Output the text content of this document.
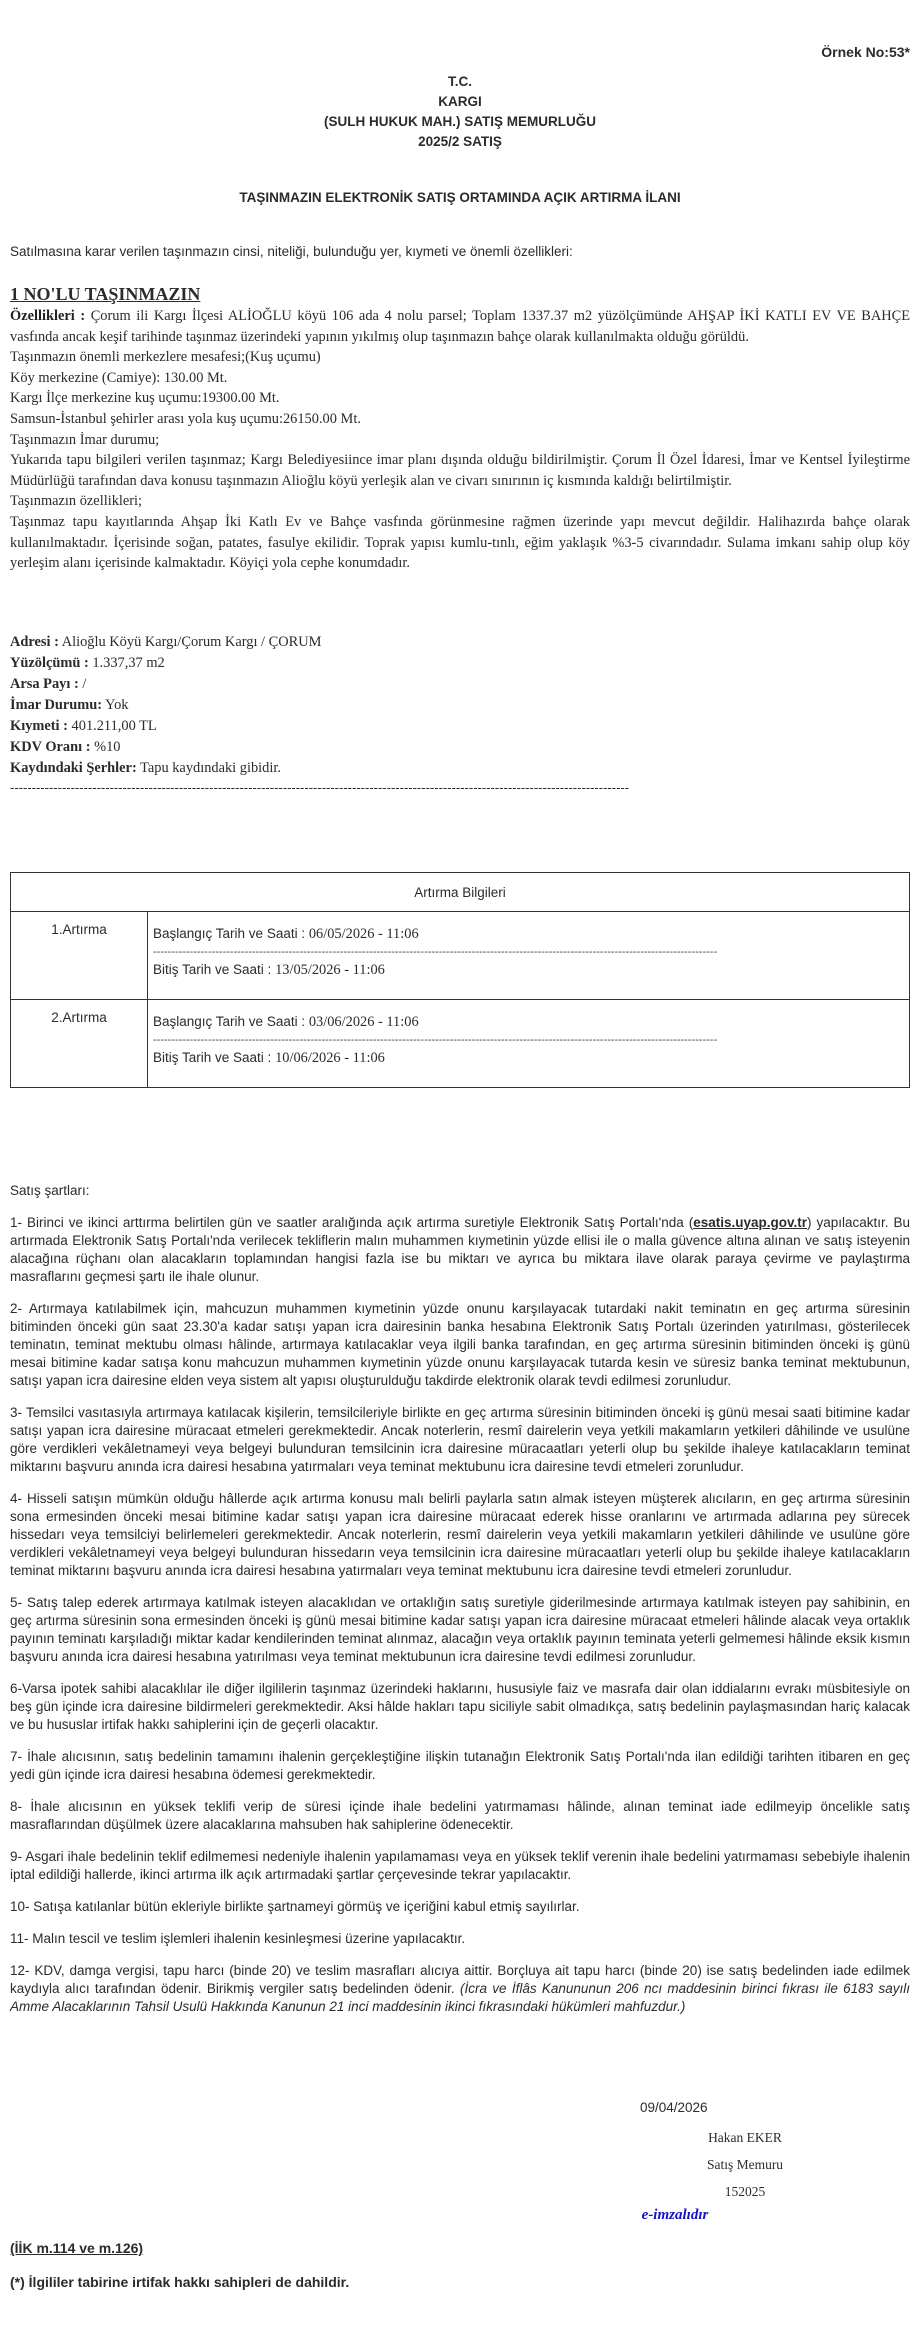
Örnek No:53*
T.C.
KARGI
(SULH HUKUK MAH.) SATIŞ MEMURLUĞU
2025/2 SATIŞ
TAŞINMAZIN ELEKTRONİK SATIŞ ORTAMINDA AÇIK ARTIRMA İLANI
Satılmasına karar verilen taşınmazın cinsi, niteliği, bulunduğu yer, kıymeti ve önemli özellikleri:
1 NO'LU TAŞINMAZIN

Özellikleri : Çorum ili Kargı İlçesi ALİOĞLU köyü 106 ada 4 nolu parsel; Toplam 1337.37 m2 yüzölçümünde AHŞAP İKİ KATLI EV VE BAHÇE vasfında ancak keşif tarihinde taşınmaz üzerindeki yapının yıkılmış olup taşınmazın bahçe olarak kullanılmakta olduğu görüldü.

Taşınmazın önemli merkezlere mesafesi;(Kuş uçumu)

Köy merkezine (Camiye): 130.00 Mt.

Kargı İlçe merkezine kuş uçumu:19300.00 Mt.

Samsun-İstanbul şehirler arası yola kuş uçumu:26150.00 Mt.

Taşınmazın İmar durumu;

Yukarıda tapu bilgileri verilen taşınmaz; Kargı Belediyesiince imar planı dışında olduğu bildirilmiştir. Çorum İl Özel İdaresi, İmar ve Kentsel İyileştirme Müdürlüğü tarafından dava konusu taşınmazın Alioğlu köyü yerleşik alan ve civarı sınırının iç kısmında kaldığı belirtilmiştir.

Taşınmazın özellikleri;

Taşınmaz tapu kayıtlarında Ahşap İki Katlı Ev ve Bahçe vasfında görünmesine rağmen üzerinde yapı mevcut değildir. Halihazırda bahçe olarak kullanılmaktadır. İçerisinde soğan, patates, fasulye ekilidir. Toprak yapısı kumlu-tınlı, eğim yaklaşık %3-5 civarındadır. Sulama imkanı sahip olup köy yerleşim alanı içerisinde kalmaktadır. Köyiçi yola cephe konumdadır.

Adresi : Alioğlu Köyü Kargı/Çorum Kargı / ÇORUM
Yüzölçümü : 1.337,37 m2
Arsa Payı : /
İmar Durumu: Yok
Kıymeti : 401.211,00 TL
KDV Oranı : %10
Kaydındaki Şerhler: Tapu kaydındaki gibidir.
-----------------------------------------------------------------------------------------------------------------------------------------------
Artırma Bilgileri	
1.Artırma	Başlangıç Tarih ve Saati : 06/05/2026 - 11:06
----------------------------------------------------------------------------------------------------------------------------------------------------------
Bitiş Tarih ve Saati : 13/05/2026 - 11:06

2.Artırma	Başlangıç Tarih ve Saati : 03/06/2026 - 11:06
----------------------------------------------------------------------------------------------------------------------------------------------------------
Bitiş Tarih ve Saati : 10/06/2026 - 11:06
Satış şartları:

1- Birinci ve ikinci arttırma belirtilen gün ve saatler aralığında açık artırma suretiyle Elektronik Satış Portalı'nda (esatis.uyap.gov.tr) yapılacaktır. Bu artırmada Elektronik Satış Portalı'nda verilecek tekliflerin malın muhammen kıymetinin yüzde ellisi ile o malla güvence altına alınan ve satış isteyenin alacağına rüçhanı olan alacakların toplamından hangisi fazla ise bu miktarı ve ayrıca bu miktara ilave olarak paraya çevirme ve paylaştırma masraflarını geçmesi şartı ile ihale olunur.

2- Artırmaya katılabilmek için, mahcuzun muhammen kıymetinin yüzde onunu karşılayacak tutardaki nakit teminatın en geç artırma süresinin bitiminden önceki gün saat 23.30'a kadar satışı yapan icra dairesinin banka hesabına Elektronik Satış Portalı üzerinden yatırılması, gösterilecek teminatın, teminat mektubu olması hâlinde, artırmaya katılacaklar veya ilgili banka tarafından, en geç artırma süresinin bitiminden önceki iş günü mesai bitimine kadar satışa konu mahcuzun muhammen kıymetinin yüzde onunu karşılayacak tutarda kesin ve süresiz banka teminat mektubunun, satışı yapan icra dairesine elden veya sistem alt yapısı oluşturulduğu takdirde elektronik olarak tevdi edilmesi zorunludur.

3- Temsilci vasıtasıyla artırmaya katılacak kişilerin, temsilcileriyle birlikte en geç artırma süresinin bitiminden önceki iş günü mesai saati bitimine kadar satışı yapan icra dairesine müracaat etmeleri gerekmektedir. Ancak noterlerin, resmî dairelerin veya yetkili makamların yetkileri dâhilinde ve usulüne göre verdikleri vekâletnameyi veya belgeyi bulunduran temsilcinin icra dairesine müracaatları yeterli olup bu şekilde ihaleye katılacakların teminat miktarını başvuru anında icra dairesi hesabına yatırmaları veya teminat mektubunu icra dairesine tevdi etmeleri zorunludur.

4- Hisseli satışın mümkün olduğu hâllerde açık artırma konusu malı belirli paylarla satın almak isteyen müşterek alıcıların, en geç artırma süresinin sona ermesinden önceki mesai bitimine kadar satışı yapan icra dairesine müracaat ederek hisse oranlarını ve artırmada adlarına pey sürecek hissedarı veya temsilciyi belirlemeleri gerekmektedir. Ancak noterlerin, resmî dairelerin veya yetkili makamların yetkileri dâhilinde ve usulüne göre verdikleri vekâletnameyi veya belgeyi bulunduran hissedarın veya temsilcinin icra dairesine müracaatları yeterli olup bu şekilde ihaleye katılacakların teminat miktarını başvuru anında icra dairesi hesabına yatırmaları veya teminat mektubunu icra dairesine tevdi etmeleri zorunludur.

5- Satış talep ederek artırmaya katılmak isteyen alacaklıdan ve ortaklığın satış suretiyle giderilmesinde artırmaya katılmak isteyen pay sahibinin, en geç artırma süresinin sona ermesinden önceki iş günü mesai bitimine kadar satışı yapan icra dairesine müracaat etmeleri hâlinde alacak veya ortaklık payının teminatı karşıladığı miktar kadar kendilerinden teminat alınmaz, alacağın veya ortaklık payının teminata yeterli gelmemesi hâlinde eksik kısmın başvuru anında icra dairesi hesabına yatırılması veya teminat mektubunun icra dairesine tevdi edilmesi zorunludur.

6-Varsa ipotek sahibi alacaklılar ile diğer ilgililerin taşınmaz üzerindeki haklarını, hususiyle faiz ve masrafa dair olan iddialarını evrakı müsbitesiyle on beş gün içinde icra dairesine bildirmeleri gerekmektedir. Aksi hâlde hakları tapu siciliyle sabit olmadıkça, satış bedelinin paylaşmasından hariç kalacak ve bu hususlar irtifak hakkı sahiplerini için de geçerli olacaktır.

7- İhale alıcısının, satış bedelinin tamamını ihalenin gerçekleştiğine ilişkin tutanağın Elektronik Satış Portalı'nda ilan edildiği tarihten itibaren en geç yedi gün içinde icra dairesi hesabına ödemesi gerekmektedir.

8- İhale alıcısının en yüksek teklifi verip de süresi içinde ihale bedelini yatırmaması hâlinde, alınan teminat iade edilmeyip öncelikle satış masraflarından düşülmek üzere alacaklarına mahsuben hak sahiplerine ödenecektir.

9- Asgari ihale bedelinin teklif edilmemesi nedeniyle ihalenin yapılamaması veya en yüksek teklif verenin ihale bedelini yatırmaması sebebiyle ihalenin iptal edildiği hallerde, ikinci artırma ilk açık artırmadaki şartlar çerçevesinde tekrar yapılacaktır.

10- Satışa katılanlar bütün ekleriyle birlikte şartnameyi görmüş ve içeriğini kabul etmiş sayılırlar.

11- Malın tescil ve teslim işlemleri ihalenin kesinleşmesi üzerine yapılacaktır.

12- KDV, damga vergisi, tapu harcı (binde 20) ve teslim masrafları alıcıya aittir. Borçluya ait tapu harcı (binde 20) ise satış bedelinden iade edilmek kaydıyla alıcı tarafından ödenir. Birikmiş vergiler satış bedelinden ödenir. (İcra ve İflâs Kanununun 206 ncı maddesinin birinci fıkrası ile 6183 sayılı Amme Alacaklarının Tahsil Usulü Hakkında Kanunun 21 inci maddesinin ikinci fıkrasındaki hükümleri mahfuzdur.)

09/04/2026
Hakan EKER
Satış Memuru
152025
e-imzalıdır
(İİK m.114 ve m.126)
(*) İlgililer tabirine irtifak hakkı sahipleri de dahildir.
